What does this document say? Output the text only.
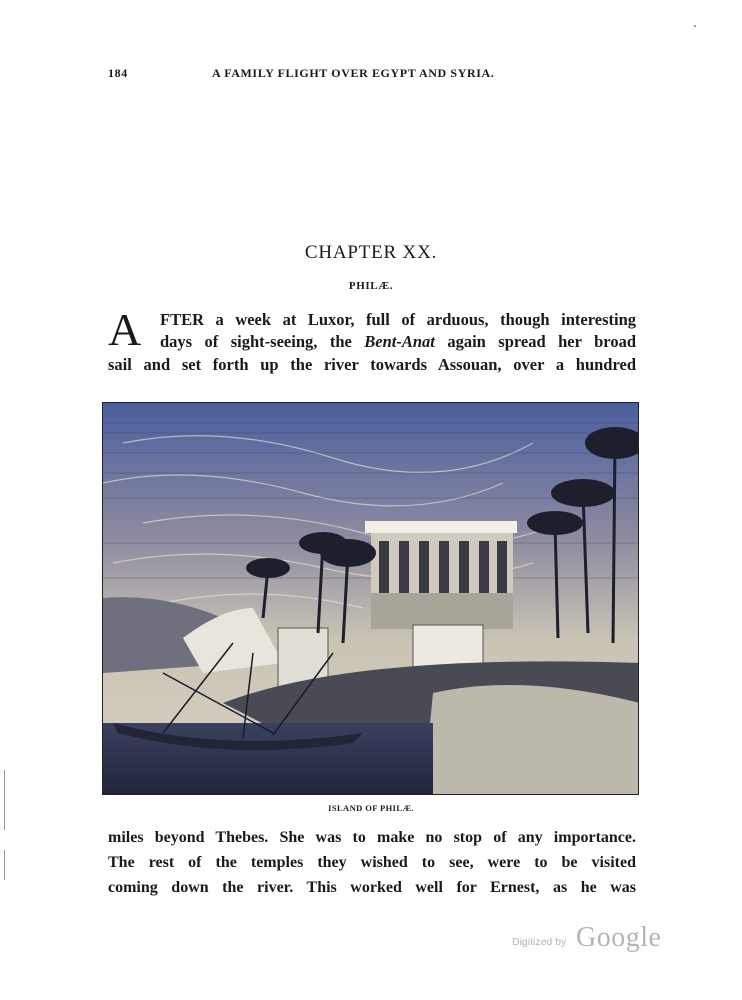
184	A FAMILY FLIGHT OVER EGYPT AND SYRIA.
CHAPTER XX.
PHILÆ.
A FTER a week at Luxor, full of arduous, though interesting
days of sight-seeing, the Bent-Anat again spread her broad
sail and set forth up the river towards Assouan, over a hundred
ISLAND OF PHILÆ.
miles beyond Thebes. She was to make no stop of any importance.
The rest of the temples they wished to see, were to be visited
coming down the river. This worked well for Ernest, as he was
Digitized by Google
